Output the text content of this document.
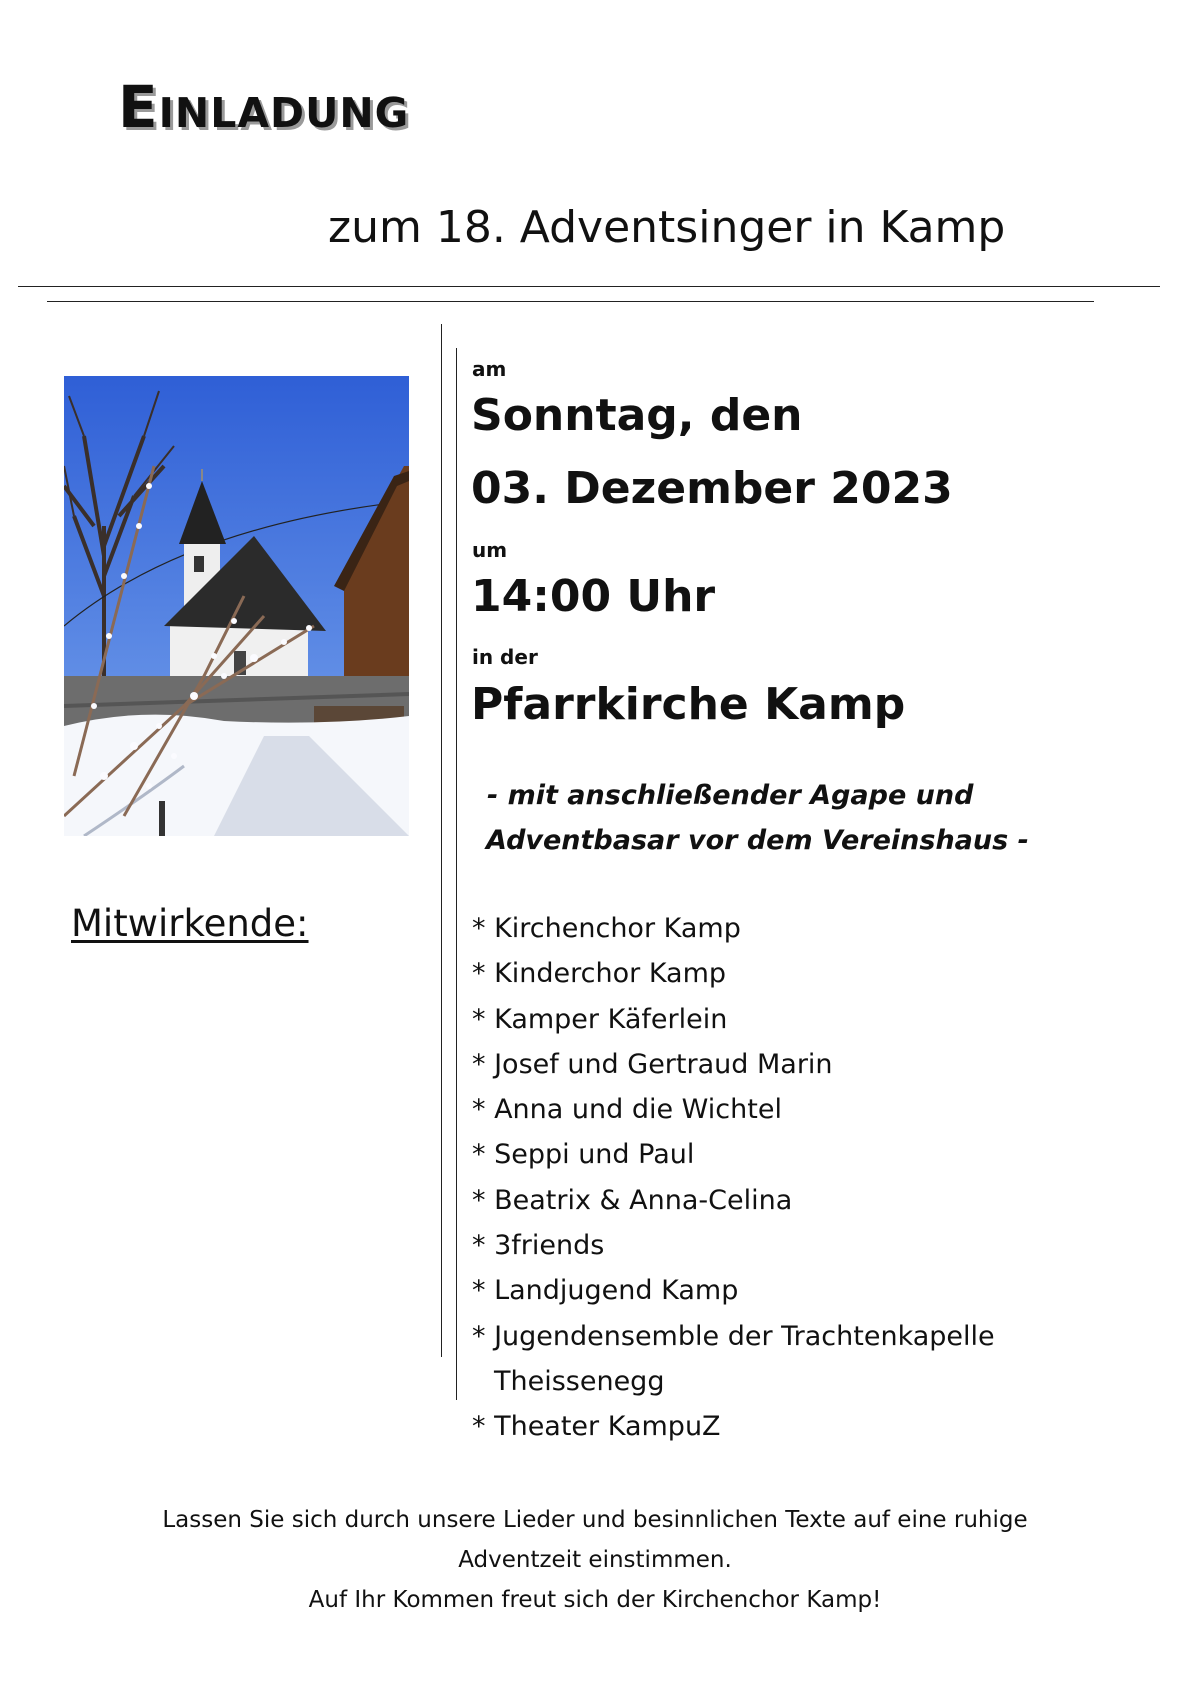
Einladung
zum 18. Adventsinger in Kamp
am
Sonntag, den
03. Dezember 2023
um
14:00 Uhr
in der
Pfarrkirche Kamp
- mit anschließender Agape und
Adventbasar vor dem Vereinshaus -
Mitwirkende:	* Kirchenchor Kamp
* Kinderchor Kamp
* Kamper Käferlein
* Josef und Gertraud Marin
* Anna und die Wichtel
* Seppi und Paul
* Beatrix & Anna-Celina
* 3friends
* Landjugend Kamp
* Jugendensemble der Trachtenkapelle
Theissenegg
* Theater KampuZ
Lassen Sie sich durch unsere Lieder und besinnlichen Texte auf eine ruhige
Adventzeit einstimmen.
Auf Ihr Kommen freut sich der Kirchenchor Kamp!
